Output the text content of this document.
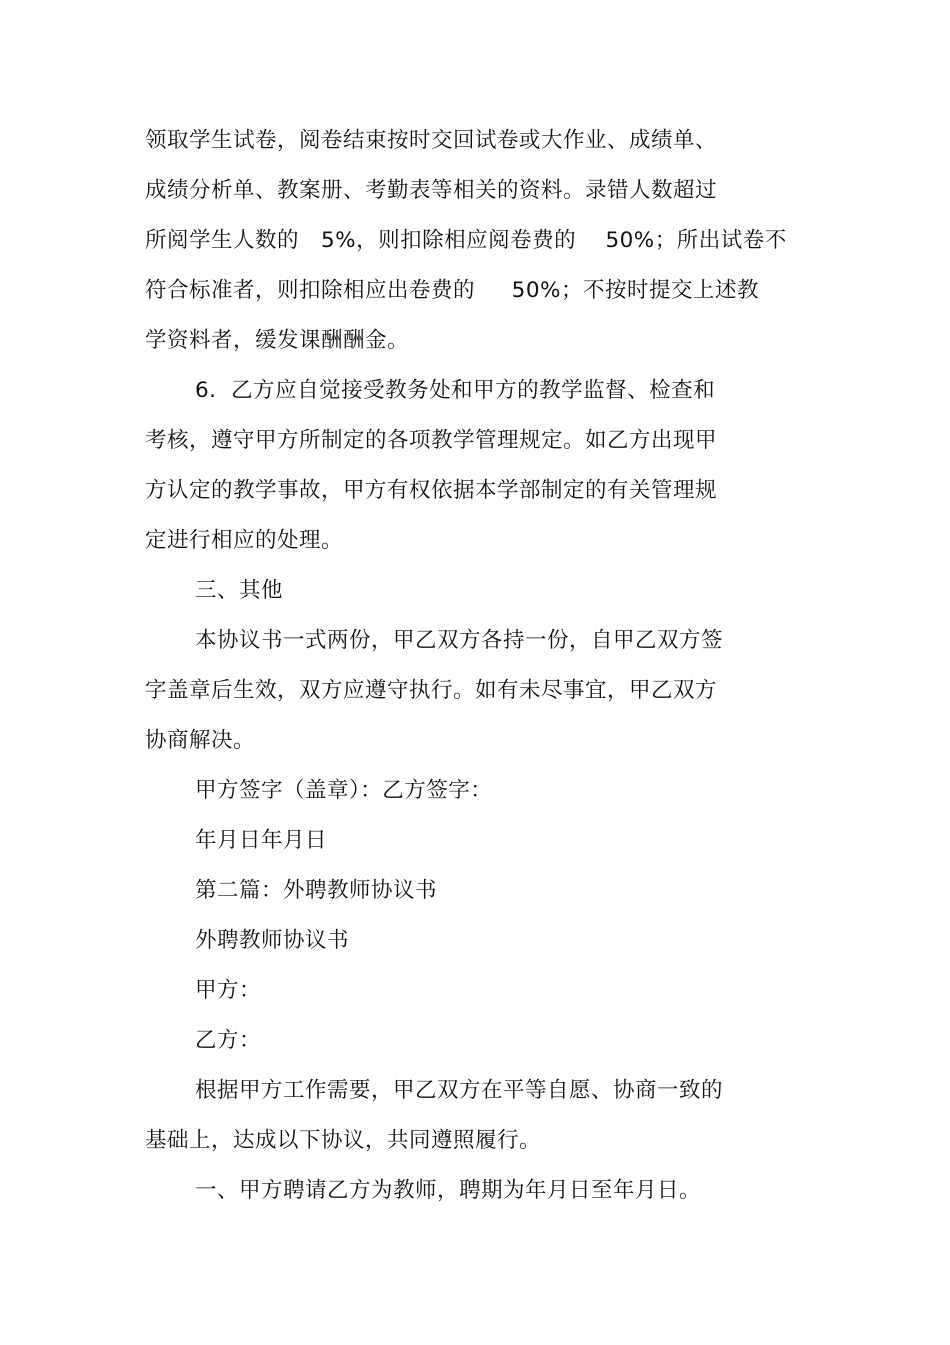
领取学生试卷，阅卷结束按时交回试卷或大作业、成绩单、
成绩分析单、教案册、考勤表等相关的资料。录错人数超过
所阅学生人数的   5%，则扣除相应阅卷费的    50%；所出试卷不
符合标准者，则扣除相应出卷费的     50%；不按时提交上述教
学资料者，缓发课酬酬金。
6.  乙方应自觉接受教务处和甲方的教学监督、检查和
考核，遵守甲方所制定的各项教学管理规定。如乙方出现甲
方认定的教学事故，甲方有权依据本学部制定的有关管理规
定进行相应的处理。
三、其他
本协议书一式两份，甲乙双方各持一份，自甲乙双方签
字盖章后生效，双方应遵守执行。如有未尽事宜，甲乙双方
协商解决。
甲方签字（盖章）：乙方签字：
年月日年月日
第二篇：外聘教师协议书
外聘教师协议书
甲方：
乙方：
根据甲方工作需要，甲乙双方在平等自愿、协商一致的
基础上，达成以下协议，共同遵照履行。
一、甲方聘请乙方为教师，聘期为年月日至年月日。
